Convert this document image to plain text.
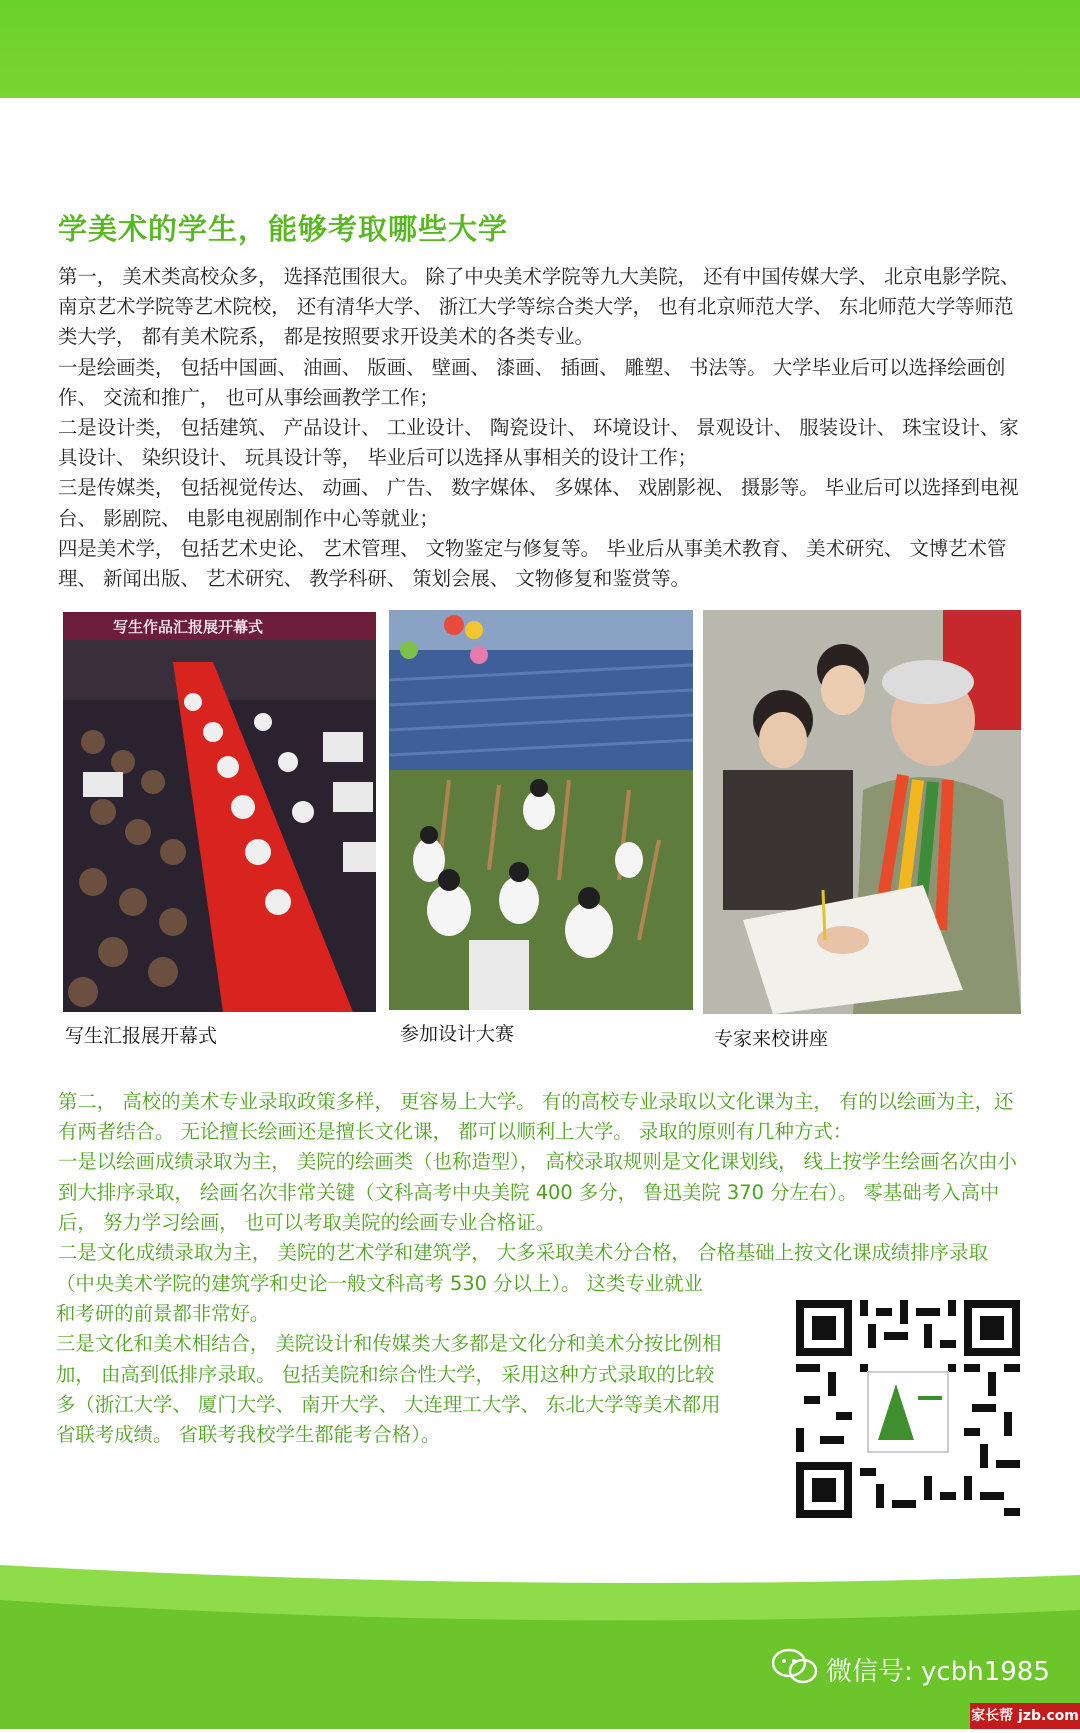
学美术的学生，能够考取哪些大学

第一， 美术类高校众多， 选择范围很大。 除了中央美术学院等九大美院， 还有中国传媒大学、 北京电影学院、 南京艺术学院等艺术院校， 还有清华大学、 浙江大学等综合类大学， 也有北京师范大学、 东北师范大学等师范类大学， 都有美术院系， 都是按照要求开设美术的各类专业。

一是绘画类， 包括中国画、 油画、 版画、 壁画、 漆画、 插画、 雕塑、 书法等。 大学毕业后可以选择绘画创作、 交流和推广， 也可从事绘画教学工作；

二是设计类， 包括建筑、 产品设计、 工业设计、 陶瓷设计、 环境设计、 景观设计、 服装设计、 珠宝设计、家具设计、 染织设计、 玩具设计等， 毕业后可以选择从事相关的设计工作；

三是传媒类， 包括视觉传达、 动画、 广告、 数字媒体、 多媒体、 戏剧影视、 摄影等。 毕业后可以选择到电视台、 影剧院、 电影电视剧制作中心等就业；

四是美术学， 包括艺术史论、 艺术管理、 文物鉴定与修复等。 毕业后从事美术教育、 美术研究、 文博艺术管理、 新闻出版、 艺术研究、 教学科研、 策划会展、 文物修复和鉴赏等。

写生作品汇报展开幕式
写生汇报展开幕式	参加设计大赛	专家来校讲座

第二， 高校的美术专业录取政策多样， 更容易上大学。 有的高校专业录取以文化课为主， 有的以绘画为主，还有两者结合。 无论擅长绘画还是擅长文化课， 都可以顺利上大学。 录取的原则有几种方式：

一是以绘画成绩录取为主， 美院的绘画类（也称造型）， 高校录取规则是文化课划线， 线上按学生绘画名次由小到大排序录取， 绘画名次非常关键（文科高考中央美院 400 多分， 鲁迅美院 370 分左右）。 零基础考入高中后， 努力学习绘画， 也可以考取美院的绘画专业合格证。

二是文化成绩录取为主， 美院的艺术学和建筑学， 大多采取美术分合格， 合格基础上按文化课成绩排序录取

（中央美术学院的建筑学和史论一般文科高考 530 分以上）。 这类专业就业和考研的前景都非常好。

三是文化和美术相结合， 美院设计和传媒类大多都是文化分和美术分按比例相加， 由高到低排序录取。 包括美院和综合性大学， 采用这种方式录取的比较多（浙江大学、 厦门大学、 南开大学、 大连理工大学、 东北大学等美术都用省联考成绩。 省联考我校学生都能考合格）。

微信号: ycbh1985
家长帮 jzb.com
